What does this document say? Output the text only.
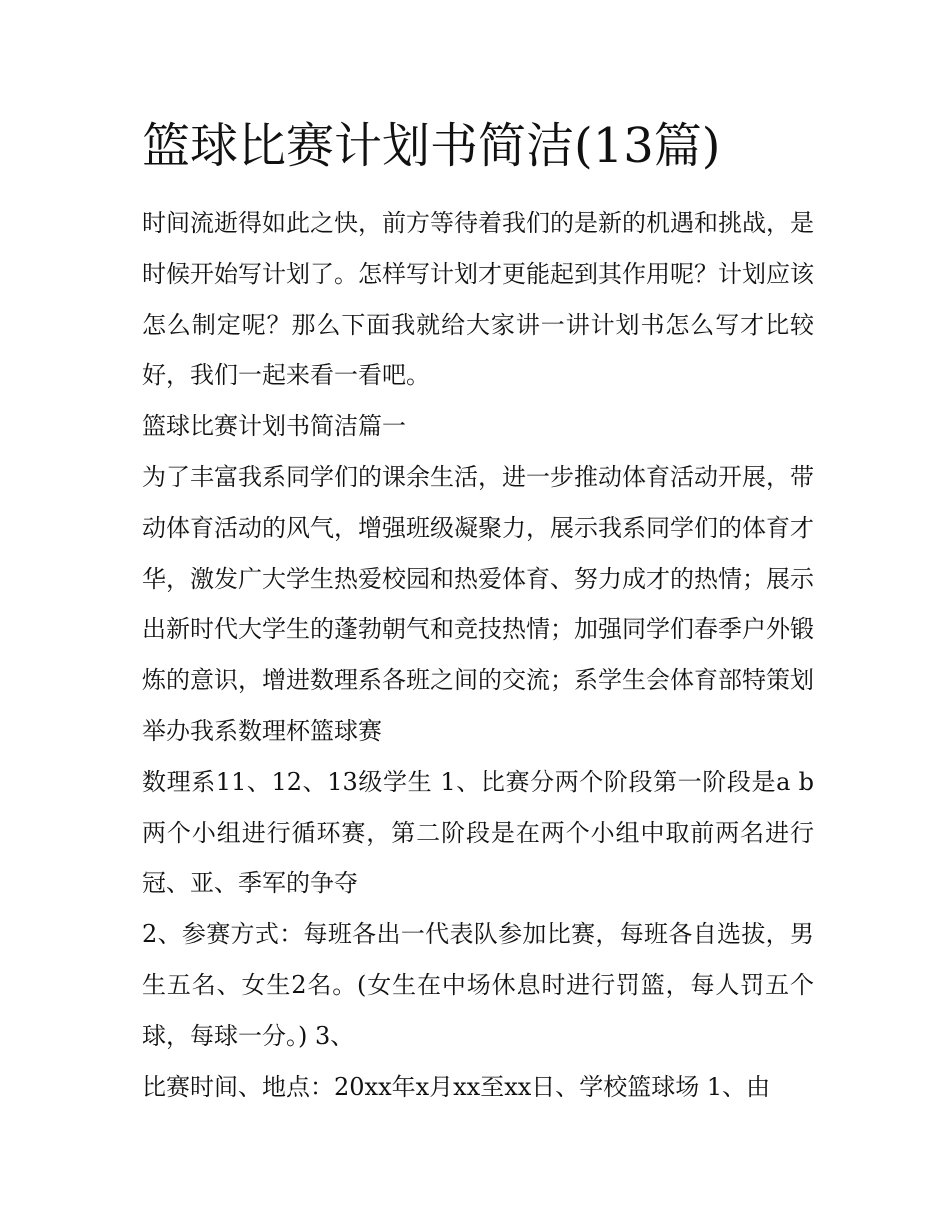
篮球比赛计划书简洁(13篇)

时间流逝得如此之快，前方等待着我们的是新的机遇和挑战，是时候开始写计划了。怎样写计划才更能起到其作用呢？计划应该怎么制定呢？那么下面我就给大家讲一讲计划书怎么写才比较好，我们一起来看一看吧。

篮球比赛计划书简洁篇一

为了丰富我系同学们的课余生活，进一步推动体育活动开展，带动体育活动的风气，增强班级凝聚力，展示我系同学们的体育才华，激发广大学生热爱校园和热爱体育、努力成才的热情；展示出新时代大学生的蓬勃朝气和竞技热情；加强同学们春季户外锻炼的意识，增进数理系各班之间的交流；系学生会体育部特策划举办我系数理杯篮球赛

数理系11、12、13级学生 1、比赛分两个阶段第一阶段是a b两个小组进行循环赛，第二阶段是在两个小组中取前两名进行冠、亚、季军的争夺

2、参赛方式：每班各出一代表队参加比赛，每班各自选拔，男生五名、女生2名。(女生在中场休息时进行罚篮，每人罚五个球，每球一分。) 3、

比赛时间、地点：20xx年x月xx至xx日、学校篮球场 1、由
